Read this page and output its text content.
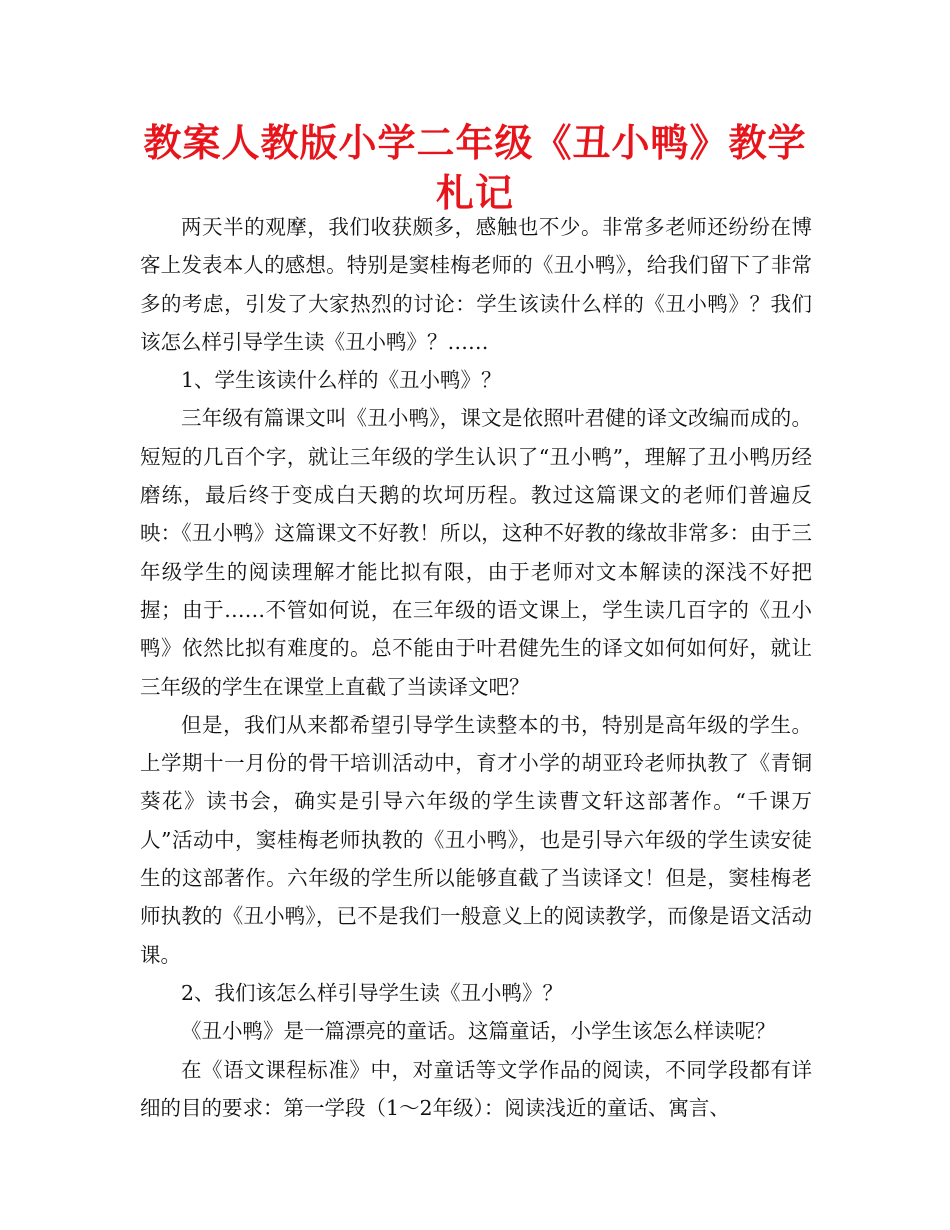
教案人教版小学二年级《丑小鸭》教学札记

两天半的观摩，我们收获颇多，感触也不少。非常多老师还纷纷在博客上发表本人的感想。特别是窦桂梅老师的《丑小鸭》，给我们留下了非常多的考虑，引发了大家热烈的讨论：学生该读什么样的《丑小鸭》？我们该怎么样引导学生读《丑小鸭》？……

1、学生该读什么样的《丑小鸭》？

三年级有篇课文叫《丑小鸭》，课文是依照叶君健的译文改编而成的。短短的几百个字，就让三年级的学生认识了“丑小鸭”，理解了丑小鸭历经磨练，最后终于变成白天鹅的坎坷历程。教过这篇课文的老师们普遍反映：《丑小鸭》这篇课文不好教！所以，这种不好教的缘故非常多：由于三年级学生的阅读理解才能比拟有限，由于老师对文本解读的深浅不好把握；由于……不管如何说，在三年级的语文课上，学生读几百字的《丑小鸭》依然比拟有难度的。总不能由于叶君健先生的译文如何如何好，就让三年级的学生在课堂上直截了当读译文吧？

但是，我们从来都希望引导学生读整本的书，特别是高年级的学生。上学期十一月份的骨干培训活动中，育才小学的胡亚玲老师执教了《青铜葵花》读书会，确实是引导六年级的学生读曹文轩这部著作。“千课万人”活动中，窦桂梅老师执教的《丑小鸭》，也是引导六年级的学生读安徒生的这部著作。六年级的学生所以能够直截了当读译文！但是，窦桂梅老师执教的《丑小鸭》，已不是我们一般意义上的阅读教学，而像是语文活动课。

2、我们该怎么样引导学生读《丑小鸭》？

《丑小鸭》是一篇漂亮的童话。这篇童话，小学生该怎么样读呢？

在《语文课程标准》中，对童话等文学作品的阅读，不同学段都有详细的目的要求：第一学段（1～2年级）：阅读浅近的童话、寓言、
